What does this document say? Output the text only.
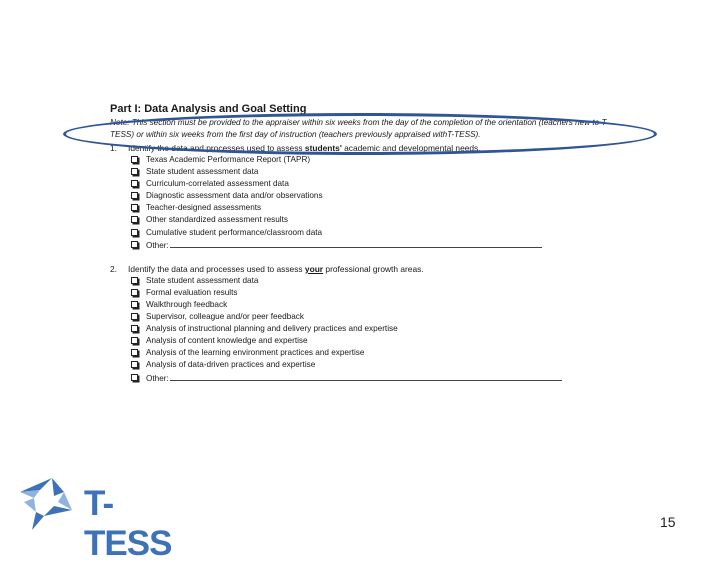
Part I: Data Analysis and Goal Setting
Note: This section must be provided to the appraiser within six weeks from the day of the completion of the orientation (teachers new to T-TESS) or within six weeks from the first day of instruction (teachers previously appraised withT-TESS).
1. Identify the data and processes used to assess students' academic and developmental needs.
Texas Academic Performance Report (TAPR)
State student assessment data
Curriculum-correlated assessment data
Diagnostic assessment data and/or observations
Teacher-designed assessments
Other standardized assessment results
Cumulative student performance/classroom data
Other:
2. Identify the data and processes used to assess your professional growth areas.
State student assessment data
Formal evaluation results
Walkthrough feedback
Supervisor, colleague and/or peer feedback
Analysis of instructional planning and delivery practices and expertise
Analysis of content knowledge and expertise
Analysis of the learning environment practices and expertise
Analysis of data-driven practices and expertise
Other:
T-TESS
15
